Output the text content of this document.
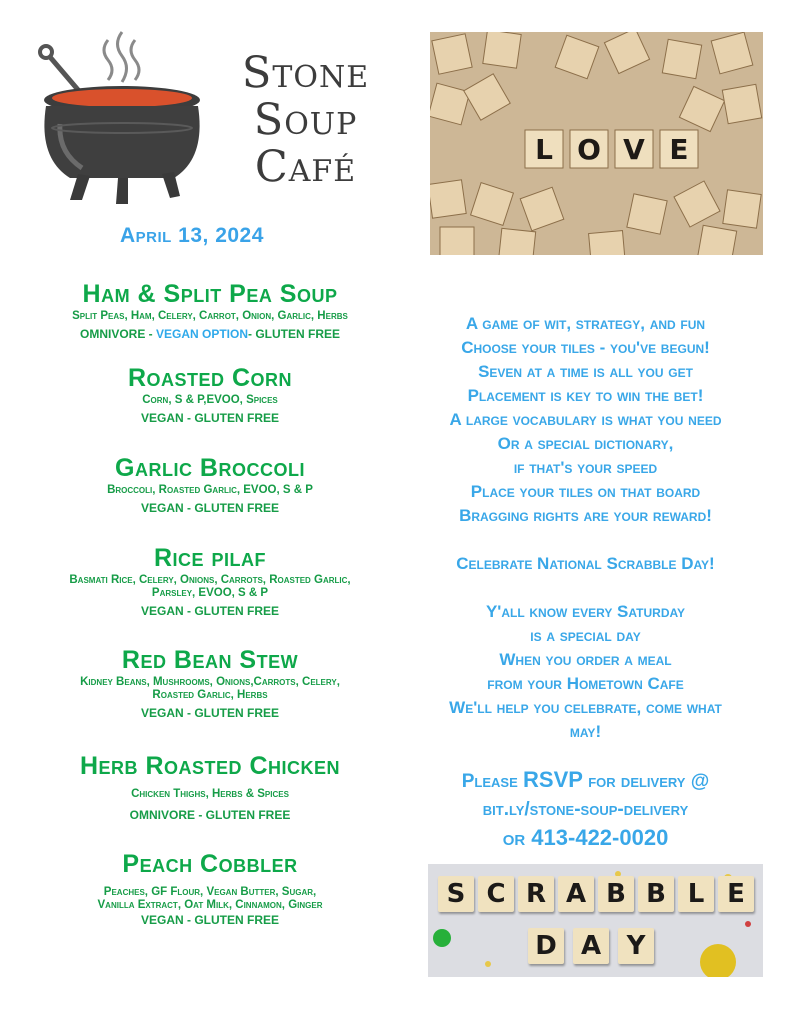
Stone
Soup
Café
April 13, 2024
L O V E
Ham & Split Pea Soup
Split Peas, Ham, Celery, Carrot, Onion, Garlic, Herbs
OMNIVORE - VEGAN OPTION- GLUTEN FREE
Roasted Corn
Corn, S & P,EVOO, Spices
VEGAN - GLUTEN FREE
Garlic Broccoli
Broccoli, Roasted Garlic, EVOO, S & P
VEGAN - GLUTEN FREE
Rice pilaf
Basmati Rice, Celery, Onions, Carrots, Roasted Garlic,
Parsley, EVOO, S & P
VEGAN - GLUTEN FREE
Red Bean Stew
Kidney Beans, Mushrooms, Onions,Carrots, Celery,
Roasted Garlic, Herbs
VEGAN - GLUTEN FREE
Herb Roasted Chicken
Chicken Thighs, Herbs & Spices
OMNIVORE - GLUTEN FREE
Peach Cobbler
Peaches, GF Flour, Vegan Butter, Sugar,
Vanilla Extract, Oat Milk, Cinnamon, Ginger
VEGAN - GLUTEN FREE
A game of wit, strategy, and fun
Choose your tiles - you've begun!
Seven at a time is all you get
Placement is key to win the bet!
A large vocabulary is what you need
Or a special dictionary,
if that's your speed
Place your tiles on that board
Bragging rights are your reward!
Celebrate National Scrabble Day!
Y'all know every Saturday
is a special day
When you order a meal
from your Hometown Cafe
We'll help you celebrate, come what
may!
Please RSVP for delivery @
bit.ly/stone-soup-delivery
or 413-422-0020
S C R A B B L E
D A Y
